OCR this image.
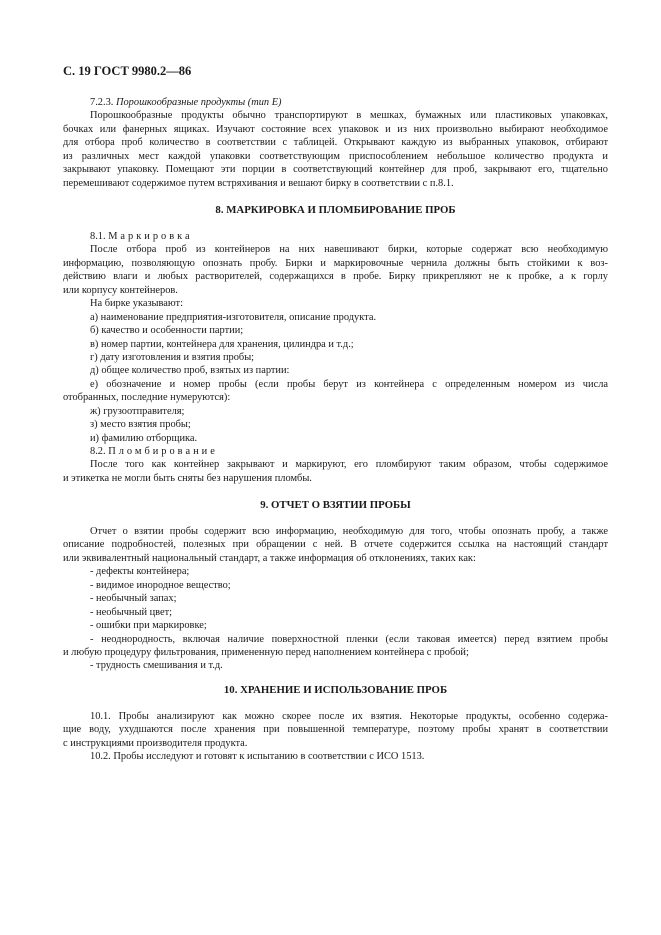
С. 19 ГОСТ 9980.2—86
7.2.3. Порошкообразные продукты (тип Е)
Порошкообразные продукты обычно транспортируют в мешках, бумажных или пластиковых упаковках,
бочках или фанерных ящиках. Изучают состояние всех упаковок и из них произвольно выбирают необходимое
для отбора проб количество в соответствии с таблицей. Открывают каждую из выбранных упаковок, отбирают
из различных мест каждой упаковки соответствующим приспособлением небольшое количество продукта и
закрывают упаковку. Помещают эти порции в соответствующий контейнер для проб, закрывают его, тщательно
перемешивают содержимое путем встряхивания и вешают бирку в соответствии с п.8.1.
8. МАРКИРОВКА И ПЛОМБИРОВАНИЕ ПРОБ
8.1. Маркировка
После отбора проб из контейнеров на них навешивают бирки, которые содержат всю необходимую
информацию, позволяющую опознать пробу. Бирки и маркировочные чернила должны быть стойкими к воз-
действию влаги и любых растворителей, содержащихся в пробе. Бирку прикрепляют не к пробке, а к горлу
или корпусу контейнеров.
На бирке указывают:
а) наименование предприятия-изготовителя, описание продукта.
б) качество и особенности партии;
в) номер партии, контейнера для хранения, цилиндра и т.д.;
г) дату изготовления и взятия пробы;
д) общее количество проб, взятых из партии:
е) обозначение и номер пробы (если пробы берут из контейнера с определенным номером из числа
отобранных, последние нумеруются):
ж) грузоотправителя;
з) место взятия пробы;
и) фамилию отборщика.
8.2. Пломбирование
После того как контейнер закрывают и маркируют, его пломбируют таким образом, чтобы содержимое
и этикетка не могли быть сняты без нарушения пломбы.
9. ОТЧЕТ О ВЗЯТИИ ПРОБЫ
Отчет о взятии пробы содержит всю информацию, необходимую для того, чтобы опознать пробу, а также
описание подробностей, полезных при обращении с ней. В отчете содержится ссылка на настоящий стандарт
или эквивалентный национальный стандарт, а также информация об отклонениях, таких как:
- дефекты контейнера;
- видимое инородное вещество;
- необычный запах;
- необычный цвет;
- ошибки при маркировке;
- неоднородность, включая наличие поверхностной пленки (если таковая имеется) перед взятием пробы
и любую процедуру фильтрования, примененную перед наполнением контейнера с пробой;
- трудность смешивания и т.д.
10. ХРАНЕНИЕ И ИСПОЛЬЗОВАНИЕ ПРОБ
10.1. Пробы анализируют как можно скорее после их взятия. Некоторые продукты, особенно содержа-
щие воду, ухудшаются после хранения при повышенной температуре, поэтому пробы хранят в соответствии
с инструкциями производителя продукта.
10.2. Пробы исследуют и готовят к испытанию в соответствии с ИСО 1513.
